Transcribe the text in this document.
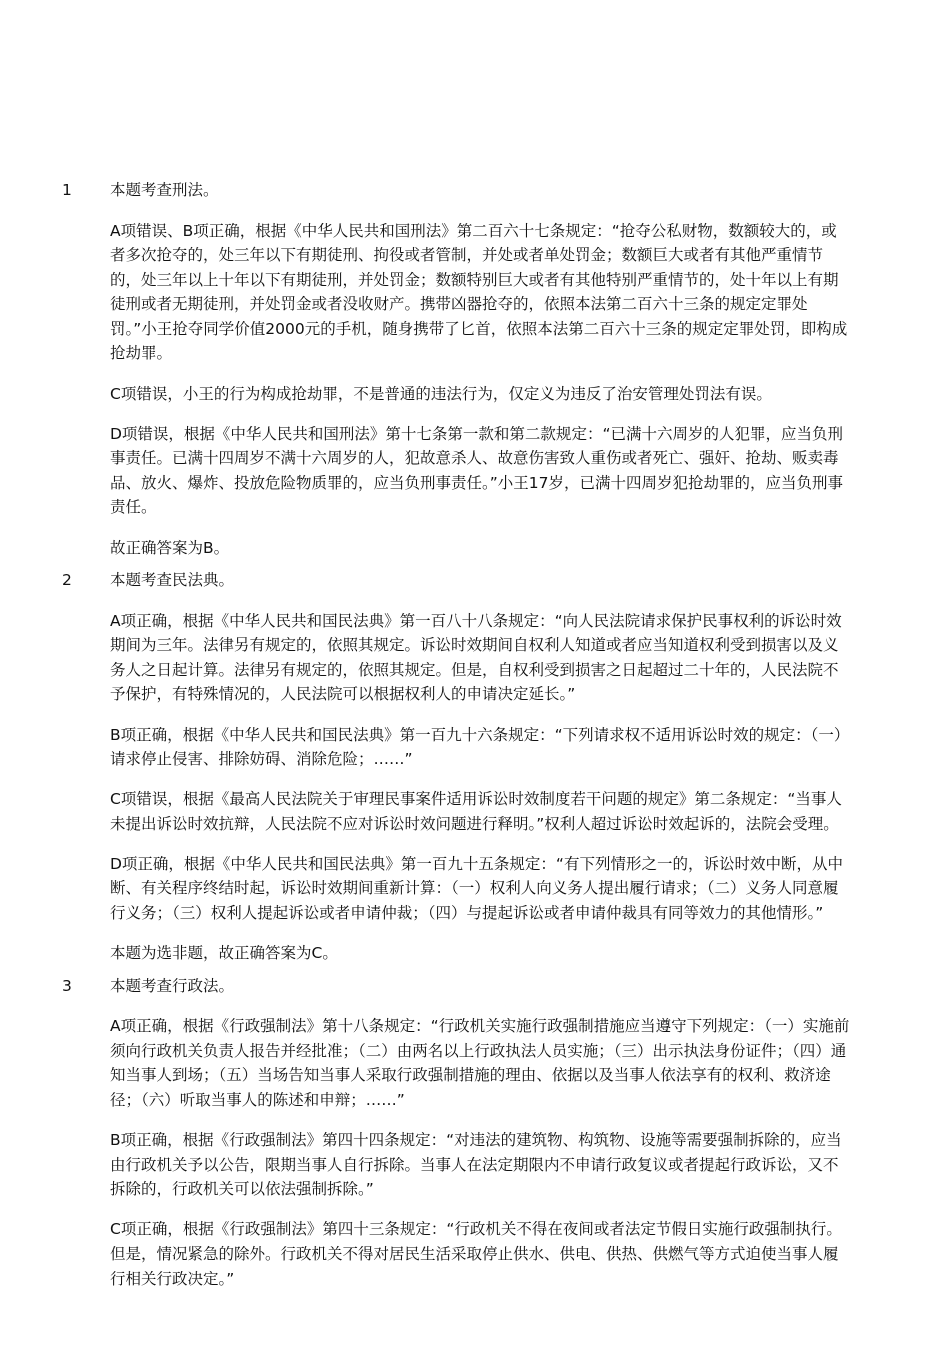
1 本题考查刑法。

A项错误、B项正确，根据《中华人民共和国刑法》第二百六十七条规定：“抢夺公私财物，数额较大的，或者多次抢夺的，处三年以下有期徒刑、拘役或者管制，并处或者单处罚金；数额巨大或者有其他严重情节的，处三年以上十年以下有期徒刑，并处罚金；数额特别巨大或者有其他特别严重情节的，处十年以上有期徒刑或者无期徒刑，并处罚金或者没收财产。携带凶器抢夺的，依照本法第二百六十三条的规定定罪处罚。”小王抢夺同学价值2000元的手机，随身携带了匕首，依照本法第二百六十三条的规定定罪处罚，即构成抢劫罪。

C项错误，小王的行为构成抢劫罪，不是普通的违法行为，仅定义为违反了治安管理处罚法有误。

D项错误，根据《中华人民共和国刑法》第十七条第一款和第二款规定：“已满十六周岁的人犯罪，应当负刑事责任。已满十四周岁不满十六周岁的人，犯故意杀人、故意伤害致人重伤或者死亡、强奸、抢劫、贩卖毒品、放火、爆炸、投放危险物质罪的，应当负刑事责任。”小王17岁，已满十四周岁犯抢劫罪的，应当负刑事责任。

故正确答案为B。

2 本题考查民法典。

A项正确，根据《中华人民共和国民法典》第一百八十八条规定：“向人民法院请求保护民事权利的诉讼时效期间为三年。法律另有规定的，依照其规定。诉讼时效期间自权利人知道或者应当知道权利受到损害以及义务人之日起计算。法律另有规定的，依照其规定。但是，自权利受到损害之日起超过二十年的，人民法院不予保护，有特殊情况的，人民法院可以根据权利人的申请决定延长。”

B项正确，根据《中华人民共和国民法典》第一百九十六条规定：“下列请求权不适用诉讼时效的规定：（一）请求停止侵害、排除妨碍、消除危险；……”

C项错误，根据《最高人民法院关于审理民事案件适用诉讼时效制度若干问题的规定》第二条规定：“当事人未提出诉讼时效抗辩，人民法院不应对诉讼时效问题进行释明。”权利人超过诉讼时效起诉的，法院会受理。

D项正确，根据《中华人民共和国民法典》第一百九十五条规定：“有下列情形之一的，诉讼时效中断，从中断、有关程序终结时起，诉讼时效期间重新计算：（一）权利人向义务人提出履行请求；（二）义务人同意履行义务；（三）权利人提起诉讼或者申请仲裁；（四）与提起诉讼或者申请仲裁具有同等效力的其他情形。”

本题为选非题，故正确答案为C。

3 本题考查行政法。

A项正确，根据《行政强制法》第十八条规定：“行政机关实施行政强制措施应当遵守下列规定：（一）实施前须向行政机关负责人报告并经批准；（二）由两名以上行政执法人员实施；（三）出示执法身份证件；（四）通知当事人到场；（五）当场告知当事人采取行政强制措施的理由、依据以及当事人依法享有的权利、救济途径；（六）听取当事人的陈述和申辩；……”

B项正确，根据《行政强制法》第四十四条规定：“对违法的建筑物、构筑物、设施等需要强制拆除的，应当由行政机关予以公告，限期当事人自行拆除。当事人在法定期限内不申请行政复议或者提起行政诉讼，又不拆除的，行政机关可以依法强制拆除。”

C项正确，根据《行政强制法》第四十三条规定：“行政机关不得在夜间或者法定节假日实施行政强制执行。但是，情况紧急的除外。行政机关不得对居民生活采取停止供水、供电、供热、供燃气等方式迫使当事人履行相关行政决定。”
